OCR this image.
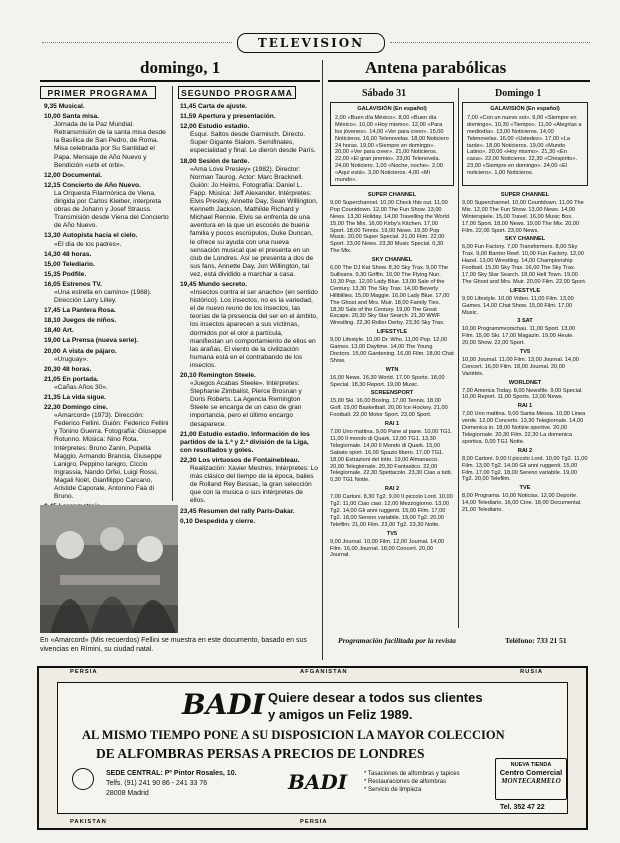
TELEVISION
domingo, 1
PRIMER PROGRAMA	SEGUNDO PROGRAMA
9,35 Musical.
10,00 Santa misa.
Jornada de la Paz Mundial. Retransmisión de la santa misa desde la Basílica de San Pedro, de Roma. Misa celebrada por Su Santidad el Papa. Mensaje de Año Nuevo y Bendición «urbi et orbi».
12,00 Documental.
12,15 Concierto de Año Nuevo.
La Orquesta Filarmónica de Viena, dirigida por Carlos Kleiber, interpreta obras de Johann y Josef Strauss. Transmisión desde Viena del Concierto de Año Nuevo.
13,30 Autopista hacia el cielo.
«El día de los padres».
14,30 48 horas.
15,00 Telediario.
15,35 Podfile.
16,05 Estrenos TV.
«Una estrella en camino» (1988). Dirección Larry Lilley.
17,45 La Pantera Rosa.
18,10 Juegos de niños.
18,40 Art.
19,00 La Prensa (nueva serie).
20,00 A vista de pájaro.
«Uruguay».
20,30 48 horas.
21,05 En portada.
«Cañas Años 30».
21,35 La vida sigue.
22,30 Domingo cine.
«Amarcord» (1973). Dirección: Federico Fellini. Guión: Federico Fellini y Tonino Guerra. Fotografía: Giuseppe Rotunno. Música: Nino Rota. Intérpretes: Bruno Zanin, Pupella Maggio, Armando Brancia, Giuseppe Lanigro, Peppino Ianigro, Ciccio Ingrassia, Nando Orfei, Luigi Rossi, Magali Noël, Gianfilippo Carcano, Aristide Caporale, Antonino Faà di Bruno.
11,45 Carta de ajuste.
11,59 Apertura y presentación.
12,00 Estudio estadio.
Esquí. Saltos desde Garmisch. Directo. Super Gigante Slalom. Semifinales, especialidad y final. Le dieron desde París.
18,00 Sesión de tarde.
«Ama Love Presley» (1982). Director: Norman Taurog. Actor: Marc Bracknell. Guión: Jo Heims. Fotografía: Daniel L. Fapp. Música: Jeff Alexander. Intérpretes: Elvis Presley, Annette Day, Sean Willington, Kenneth Jackson, Mathilde Richard y Michael Rennie. Elvis se enfrenta de una aventura en la que un escocés de buena familia y pocos escrúpulos, Duke Duncan, le ofrece su ayuda con una nueva sensación musical que el presenta en un club de Londres. Así se presenta a dos de sus fans, Annette Day, Jon Willington, tal vez, está dividido a marchar a casa.
19,45 Mundo secreto.
«Insectos contra el ser anacho» (en sentido histórico). Los insectos, no es la variedad, el de nuevo reuno de los insectos, las teorías de la presencia del ser en el ámbito, los insectos aparecen a sus víctimas, dormidos por el olor a partícula, manifiestan un comportamiento de ellos en las arañas. El viento de la civilización humana está en el contrabando de los insectos.
20,10 Remington Steele.
«Juegos Acabas Steele». Intérpretes: Stephanie Zimbalist, Pierce Brosnan y Doris Roberts. La Agencia Remington Steele se encarga de un caso de gran importancia, pero el último encargo desaparece.
21,00 Estudio estadio. Información de los partidos de la 1.ª y 2.ª división de la Liga, con resultados y goles.
22,30 Los virtuosos de Fontainebleau.
Realización: Xavier Mestres. Intérpretes: Lo más clásico del tiempo de la época, bailes de Rolland Rey Bessac, la gran selección que con la musica o sus intérpretes de ellos.
23,45 Resumen del rally París-Dakar.
0,10 Despedida y cierre.
En «Amarcord» (Mis recuerdos) Fellini se muestra en este documento, basado en sus vivencias en Rímini, su ciudad natal.
Antena parabólicas
Sábado 31	Domingo 1
GALAVISIÓN (En español)
2,00 «Buen día México». 8,00 «Buen día México». 10,00 «Hoy mismo». 12,00 «Para los jóvenes». 14,00 «Ver para creer». 15,00 Noticieros. 16,00 Telenovelas. 18,00 Noticiero 24 horas. 19,00 «Siempre en domingo». 20,00 «Ver para creer». 21,00 Noticieros. 22,00 «El gran premio». 23,00 Telenovela. 24,00 Noticiero. 1,00 «Noche, noche». 2,00 «Aquí está». 3,00 Noticieros. 4,00 «Mi mundo».
GALAVISIÓN (En español)
7,00 «Con un nuevo sol». 9,00 «Siempre en domingo». 10,30 «Tiempo». 11,00 «Alegrías a mediodía». 13,00 Noticieros. 14,00 Telenovelas. 16,00 «Ustedes». 17,00 «La tarde». 18,00 Noticieros. 19,00 «Mundo Latino». 20,00 «Hoy mismo». 21,30 «En casa». 22,00 Noticieros. 22,30 «Chespirito». 23,00 «Siempre en domingo». 24,00 «El noticiero». 1,00 Noticieros.
SUPER CHANNEL

9,00 Superchannel. 10,00 Check this out. 11,00 Pop Countdown. 12,00 The Fun Show. 13,00 News. 13,30 Holiday. 14,00 Travelling the World. 15,00 The Mix. 16,00 Kirby's Kitchen. 17,00 Sport. 18,00 Tennis. 19,00 News. 19,30 Pop Music. 20,00 Super Special. 21,00 Film. 22,00 Sport. 23,00 News. 23,30 Music Special. 0,30 The Mix.

SKY CHANNEL

6,00 The DJ Kat Show. 8,30 Sky Trax. 9,00 The Sullivans. 9,30 Griffin. 10,00 The Flying Nun. 10,30 Pop. 12,00 Lady Blue. 13,00 Sale of the Century. 13,30 The Sky Trax. 14,00 Beverly Hillbillies. 15,00 Maggie. 16,00 Lady Blue. 17,00 The Ghost and Mrs. Muir. 18,00 Family Ties. 18,30 Sale of the Century. 19,00 The Great Escape. 20,30 Sky Star Search. 21,30 WWF Wrestling. 22,30 Roller Derby. 23,30 Sky Trax.

LIFESTYLE

9,00 Lifestyle. 10,00 Dr. Who. 11,00 Pop. 12,00 Games. 13,00 Daytime. 14,00 The Young Doctors. 15,00 Gardening. 16,00 Film. 18,00 Chat Show.

WTN

16,00 News. 16,30 World. 17,00 Sports. 18,00 Special. 18,30 Report. 19,00 Music.

SCREENSPORT

15,00 Ski. 16,00 Boxing. 17,00 Tennis. 18,00 Golf. 19,00 Basketball. 20,00 Ice Hockey. 21,00 Football. 22,00 Motor Sport. 23,00 Sport.

RAI 1

7,00 Uno mattina. 9,00 Pane al pane. 10,00 TG1. 11,00 Il mondo di Quark. 12,00 TG1. 13,30 Telegiornale. 14,00 Il Mondo di Quark. 15,00 Sabato sport. 16,00 Spazio libero. 17,00 TG1. 18,00 Estrazioni del lotto. 19,00 Almanacco. 20,00 Telegiornale. 20,30 Fantastico. 22,00 Telegiornale. 22,30 Spettacolo. 23,30 Ciao a tutti. 0,30 TG1 Notte.

RAI 2

7,00 Cartoni. 8,30 Tg2. 9,00 Il piccolo Lord. 10,00 Tg2. 11,00 Ciao ciao. 12,00 Mezzogiorno. 13,00 Tg2. 14,00 Gli anni ruggenti. 15,00 Film. 17,00 Tg2. 18,00 Sereno variabile. 19,00 Tg2. 20,00 Telefilm. 21,00 Film. 23,00 Tg2. 23,30 Notte.

TV5

9,00 Journal. 10,00 Film. 12,00 Journal. 14,00 Film. 16,00 Journal. 18,00 Concert. 20,00 Journal.

SUPER CHANNEL

9,00 Superchannel. 10,00 Countdown. 11,00 The Mix. 12,00 The Fun Show. 13,00 News. 14,00 Winterspiele. 15,00 Travel. 16,00 Music Box. 17,00 Sport. 18,00 News. 19,00 The Mix. 20,00 Film. 22,00 Sport. 23,00 News.

SKY CHANNEL

6,00 Fun Factory. 7,00 Transformers. 8,00 Sky Trax. 9,00 Barrier Reef. 10,00 Fun Factory. 12,00 Hazel. 13,00 Wrestling. 14,00 Championship Football. 15,00 Sky Trax. 16,00 The Sky Trax. 17,00 Sky Star Search. 18,00 Hell Town. 19,00 The Ghost and Mrs. Muir. 20,00 Film. 22,00 Sport.

LIFESTYLE

9,00 Lifestyle. 10,00 Video. 11,00 Film. 13,00 Games. 14,00 Chat Show. 15,00 Film. 17,00 Music.

3 SAT

10,00 Programmvorschau. 11,00 Sport. 13,00 Film. 15,00 Ski. 17,00 Magazin. 19,00 Heute. 20,00 Show. 22,00 Sport.

TV5

10,00 Journal. 11,00 Film. 13,00 Journal. 14,00 Concert. 16,00 Film. 18,00 Journal. 20,00 Variétés.

WORLDNET

7,00 America Today. 8,00 Newsfile. 9,00 Special. 10,00 Report. 11,00 Sports. 12,00 News.

RAI 1

7,00 Uno mattina. 9,00 Santa Messa. 10,00 Linea verde. 12,00 Concerto. 13,30 Telegiornale. 14,00 Domenica in. 18,00 Notizie sportive. 20,00 Telegiornale. 20,30 Film. 22,30 La domenica sportiva. 0,00 TG1 Notte.

RAI 2

8,00 Cartoni. 9,00 Il piccolo Lord. 10,00 Tg2. 11,00 Film. 13,00 Tg2. 14,00 Gli anni ruggenti. 15,00 Film. 17,00 Tg2. 18,00 Sereno variabile. 19,00 Tg2. 20,00 Telefilm.

TVE

8,00 Programa. 10,00 Noticias. 12,00 Deporte. 14,00 Telediario. 16,00 Cine. 18,00 Documental. 21,00 Telediario.

Programación facilitada por la revista	Teléfono: 733 21 51
PERSIA	AFGANISTAN
PAKISTAN	PERSIA
RUSIA
BADI Quiere desear a todos sus clientes
y amigos un Feliz 1989.
AL MISMO TIEMPO PONE A SU DISPOSICION LA MAYOR COLECCION
DE ALFOMBRAS PERSAS A PRECIOS DE LONDRES
SEDE CENTRAL: Pº Pintor Rosales, 10.
Telfs. (91) 241 90 86 - 241 33 76
28008 Madrid	BADI	* Tasaciones de alfombras y tapices
* Restauraciones de alfombras
* Servicio de limpieza
NUEVA TIENDA
Centro Comercial
MONTECARMELO
Tel. 352 47 22
